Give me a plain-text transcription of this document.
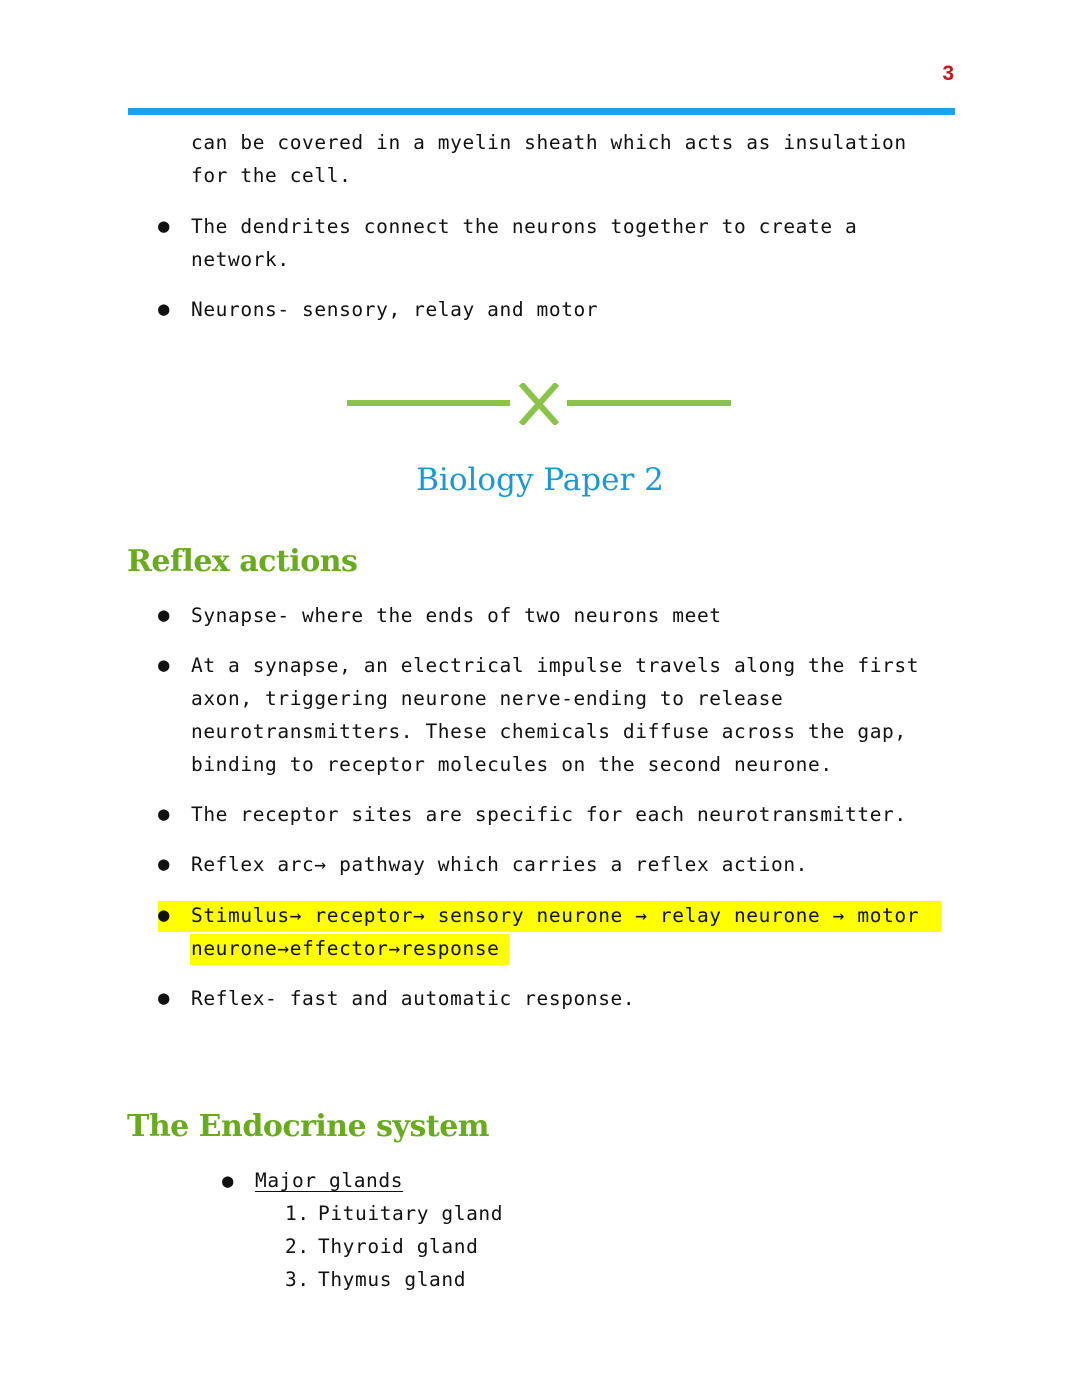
3
can be covered in a myelin sheath which acts as insulation
for the cell.
●	The dendrites connect the neurons together to create a
network.
●	Neurons- sensory, relay and motor
Biology Paper 2
Reflex actions
●	Synapse- where the ends of two neurons meet
●	At a synapse, an electrical impulse travels along the first
axon, triggering neurone nerve-ending to release
neurotransmitters. These chemicals diffuse across the gap,
binding to receptor molecules on the second neurone.
●	The receptor sites are specific for each neurotransmitter.
●	Reflex arc→ pathway which carries a reflex action.
●	Stimulus→ receptor→ sensory neurone → relay neurone → motor
neurone→effector→response
●	Reflex- fast and automatic response.
The Endocrine system
● Major glands
1. Pituitary gland
2. Thyroid gland
3. Thymus gland
